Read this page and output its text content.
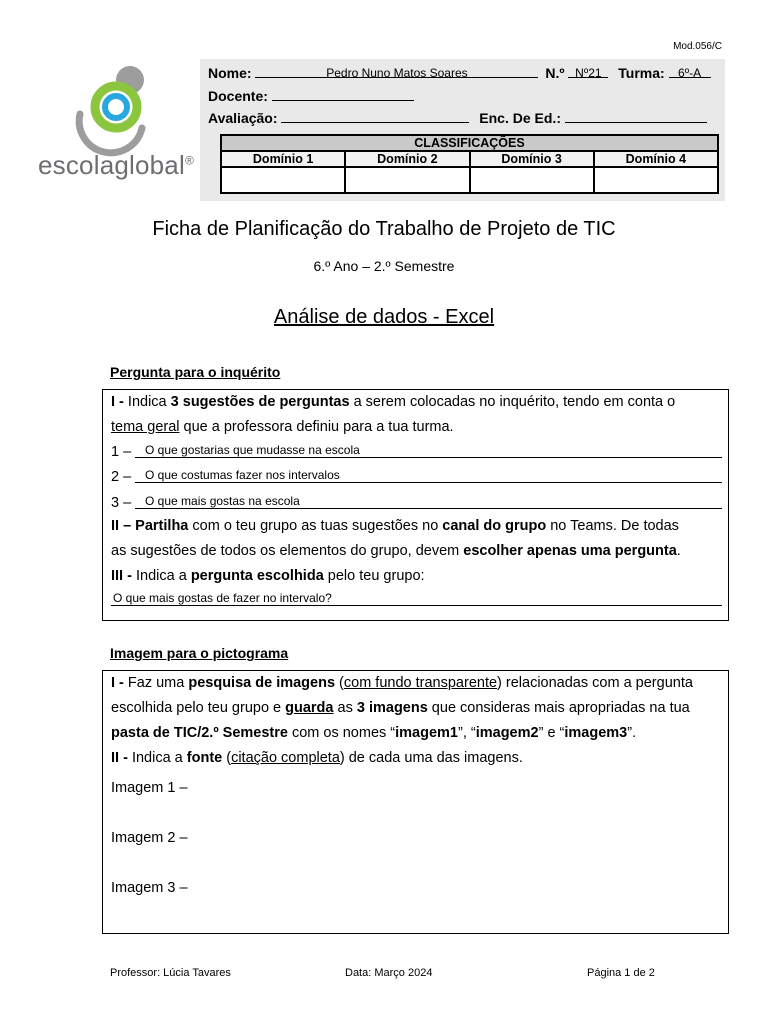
Mod.056/C
escolaglobal®
Nome:	Pedro Nuno Matos Soares	N.º Nº21	Turma:	6º-A
Docente:
Avaliação:	Enc. De Ed.:
CLASSIFICAÇÕES			
Domínio 1	Domínio 2	Domínio 3	Domínio 4

Ficha de Planificação do Trabalho de Projeto de TIC
6.º Ano – 2.º Semestre
Análise de dados - Excel
Pergunta para o inquérito
I - Indica 3 sugestões de perguntas a serem colocadas no inquérito, tendo em conta o
tema geral que a professora definiu para a tua turma.
1 – O que gostarias que mudasse na escola
2 – O que costumas fazer nos intervalos
3 – O que mais gostas na escola
II – Partilha com o teu grupo as tuas sugestões no canal do grupo no Teams. De todas
as sugestões de todos os elementos do grupo, devem escolher apenas uma pergunta.
III - Indica a pergunta escolhida pelo teu grupo:
O que mais gostas de fazer no intervalo?
Imagem para o pictograma
I - Faz uma pesquisa de imagens (com fundo transparente) relacionadas com a pergunta
escolhida pelo teu grupo e guarda as 3 imagens que consideras mais apropriadas na tua
pasta de TIC/2.º Semestre com os nomes “imagem1”, “imagem2” e “imagem3”.
II - Indica a fonte (citação completa) de cada uma das imagens.
Imagem 1 –
Imagem 2 –
Imagem 3 –
Professor: Lúcia Tavares	Data: Março 2024	Página 1 de 2
